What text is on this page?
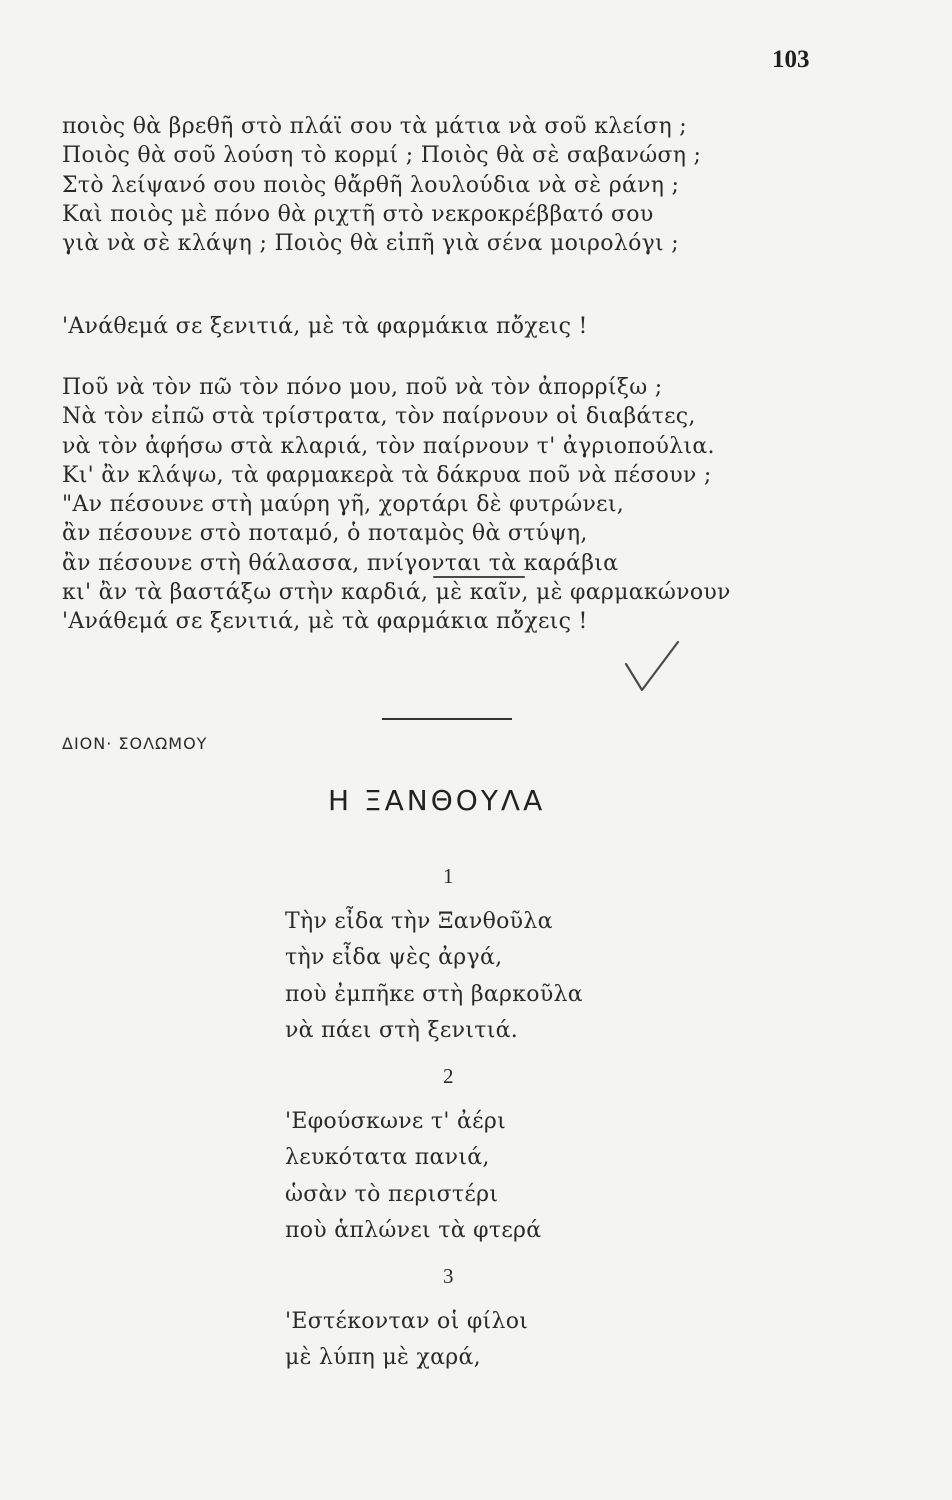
103
ποιὸς θὰ βρεθῆ στὸ πλάϊ σου τὰ μάτια νὰ σοῦ κλείση ;
Ποιὸς θὰ σοῦ λούση τὸ κορμί ; Ποιὸς θὰ σὲ σαβανώση ;
Στὸ λείψανό σου ποιὸς θἄρθῆ λουλούδια νὰ σὲ ράνη ;
Καὶ ποιὸς μὲ πόνο θὰ ριχτῆ στὸ νεκροκρέββατό σου
γιὰ νὰ σὲ κλάψη ; Ποιὸς θὰ εἰπῆ γιὰ σένα μοιρολόγι ;
'Ανάθεμά σε ξενιτιά, μὲ τὰ φαρμάκια πὄχεις !
Ποῦ νὰ τὸν πῶ τὸν πόνο μου, ποῦ νὰ τὸν ἀπορρίξω ;
Νὰ τὸν εἰπῶ στὰ τρίστρατα, τὸν παίρνουν οἱ διαβάτες,
νὰ τὸν ἀφήσω στὰ κλαριά, τὸν παίρνουν τ' ἀγριοπούλια.
Κι' ἂν κλάψω, τὰ φαρμακερὰ τὰ δάκρυα ποῦ νὰ πέσουν ;
"Αν πέσουνε στὴ μαύρη γῆ, χορτάρι δὲ φυτρώνει,
ἂν πέσουνε στὸ ποταμό, ὁ ποταμὸς θὰ στύψη,
ἂν πέσουνε στὴ θάλασσα, πνίγονται τὰ καράβια
κι' ἂν τὰ βαστάξω στὴν καρδιά, μὲ καῖν, μὲ φαρμακώνουν
'Ανάθεμά σε ξενιτιά, μὲ τὰ φαρμάκια πὄχεις !
ΔΙΟΝ· ΣΟΛΩΜΟΥ
Η ΞΑΝΘΟΥΛΑ
1
Τὴν εἶδα τὴν Ξανθοῦλα
τὴν εἶδα ψὲς ἀργά,
ποὺ ἐμπῆκε στὴ βαρκοῦλα
νὰ πάει στὴ ξενιτιά.
2
'Εφούσκωνε τ' ἀέρι
λευκότατα πανιά,
ὡσὰν τὸ περιστέρι
ποὺ ἁπλώνει τὰ φτερά
3
'Εστέκονταν οἱ φίλοι
μὲ λύπη μὲ χαρά,
